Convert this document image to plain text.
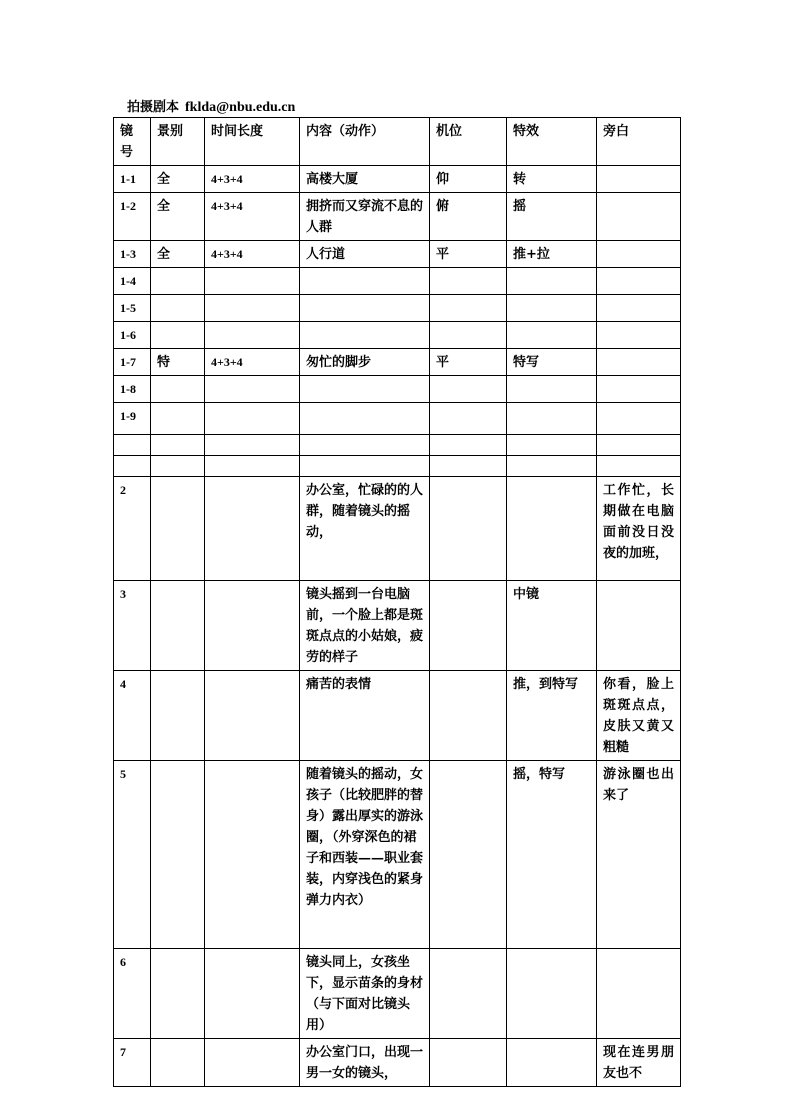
拍摄剧本 fklda@nbu.edu.cn
镜号	景别	时间长度	内容（动作）	机位	特效	旁白
1-1	全	4+3+4	高楼大厦	仰	转	
1-2	全	4+3+4	拥挤而又穿流不息的人群	俯	摇	
1-3	全	4+3+4	人行道	平	推+拉	
1-4						
1-5						
1-6						
1-7	特	4+3+4	匆忙的脚步	平	特写	
1-8						
1-9						

2			办公室，忙碌的的人群，随着镜头的摇动，			工作忙，长期做在电脑面前没日没夜的加班，
3			镜头摇到一台电脑前，一个脸上都是斑斑点点的小姑娘，疲劳的样子		中镜	
4			痛苦的表情		推，到特写	你看，脸上斑斑点点，皮肤又黄又粗糙
5			随着镜头的摇动，女孩子（比较肥胖的替身）露出厚实的游泳圈，（外穿深色的裙子和西装——职业套装，内穿浅色的紧身弹力内衣）		摇，特写	游泳圈也出来了
6			镜头同上，女孩坐下，显示苗条的身材（与下面对比镜头用）			
7			办公室门口，出现一男一女的镜头，			现在连男朋友也不
